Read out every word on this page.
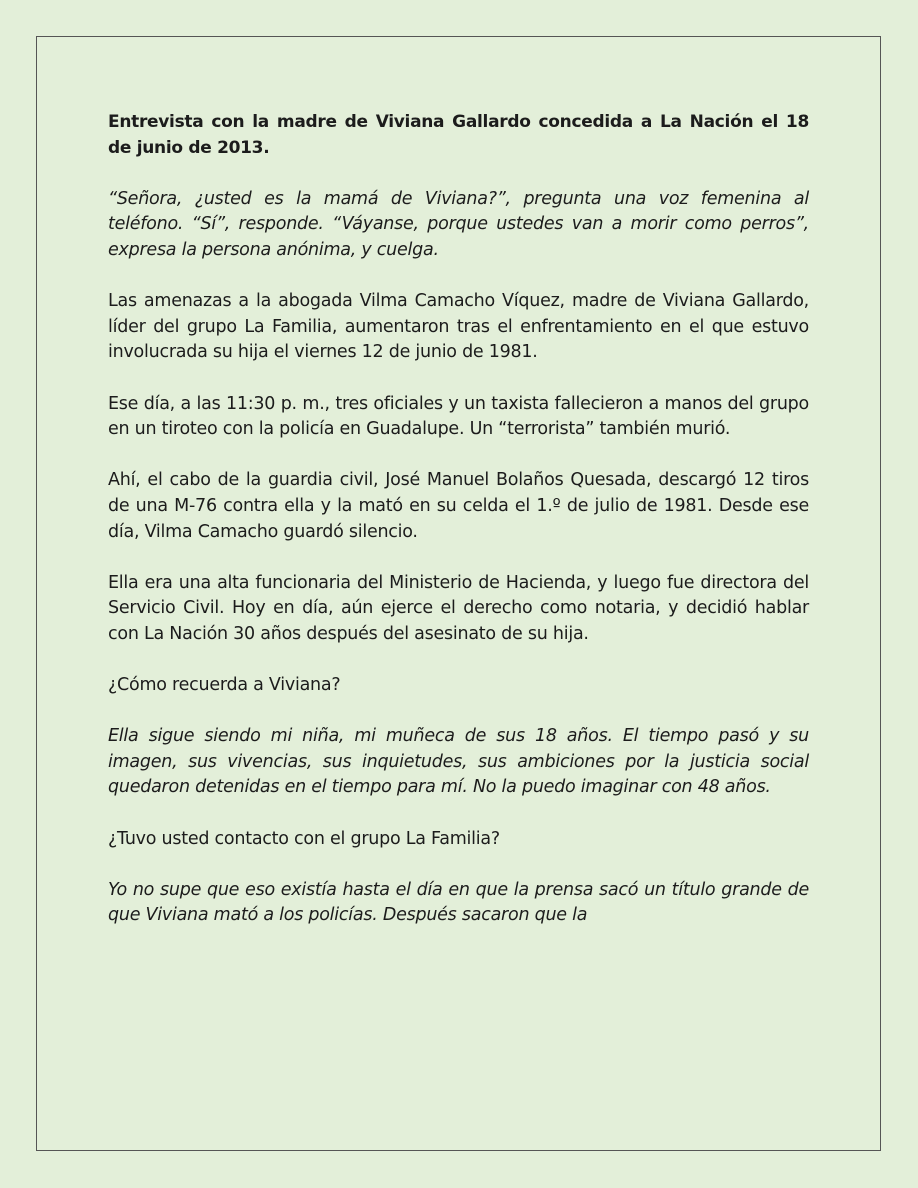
Entrevista con la madre de Viviana Gallardo concedida a La Nación el 18 de junio de 2013.

“Señora, ¿usted es la mamá de Viviana?”, pregunta una voz femenina al teléfono. “Sí”, responde. “Váyanse, porque ustedes van a morir como perros”, expresa la persona anónima, y cuelga.

Las amenazas a la abogada Vilma Camacho Víquez, madre de Viviana Gallardo, líder del grupo La Familia, aumentaron tras el enfrentamiento en el que estuvo involucrada su hija el viernes 12 de junio de 1981.

Ese día, a las 11:30 p. m., tres oficiales y un taxista fallecieron a manos del grupo en un tiroteo con la policía en Guadalupe. Un “terrorista” también murió.

Ahí, el cabo de la guardia civil, José Manuel Bolaños Quesada, descargó 12 tiros de una M-76 contra ella y la mató en su celda el 1.º de julio de 1981. Desde ese día, Vilma Camacho guardó silencio.

Ella era una alta funcionaria del Ministerio de Hacienda, y luego fue directora del Servicio Civil. Hoy en día, aún ejerce el derecho como notaria, y decidió hablar con La Nación 30 años después del asesinato de su hija.

¿Cómo recuerda a Viviana?

Ella sigue siendo mi niña, mi muñeca de sus 18 años. El tiempo pasó y su imagen, sus vivencias, sus inquietudes, sus ambiciones por la justicia social quedaron detenidas en el tiempo para mí. No la puedo imaginar con 48 años.

¿Tuvo usted contacto con el grupo La Familia?

Yo no supe que eso existía hasta el día en que la prensa sacó un título grande de que Viviana mató a los policías. Después sacaron que la
